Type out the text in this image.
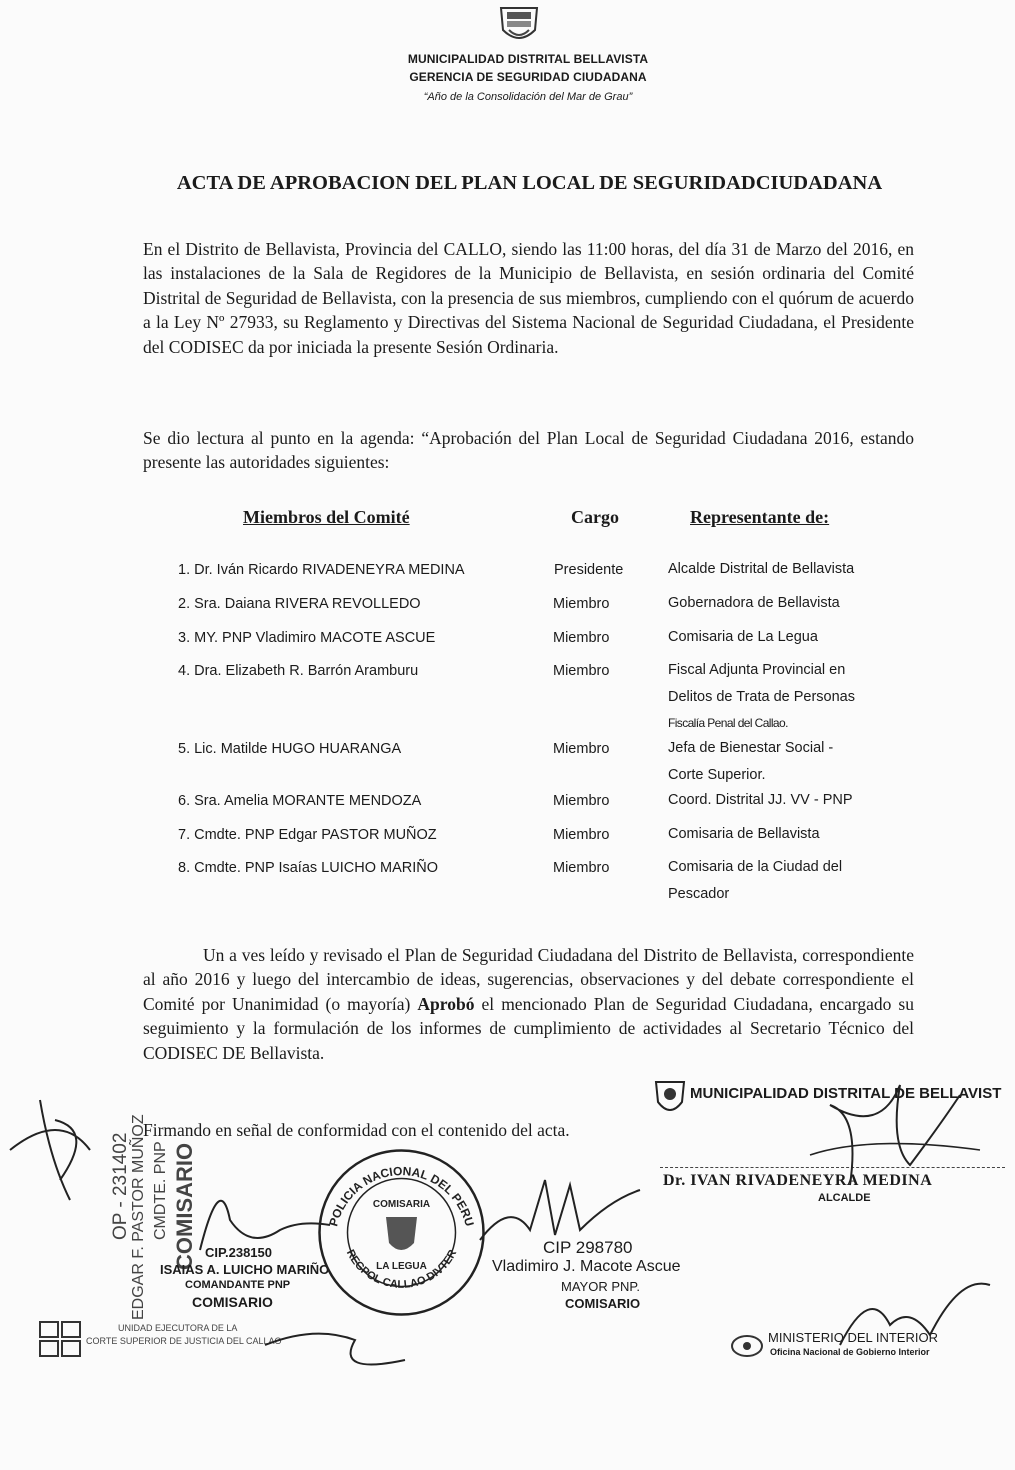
MUNICIPALIDAD DISTRITAL BELLAVISTA
GERENCIA DE SEGURIDAD CIUDADANA
“Año de la Consolidación del Mar de Grau”
ACTA DE APROBACION DEL PLAN LOCAL DE SEGURIDADCIUDADANA
En el Distrito de Bellavista, Provincia del CALLO, siendo las 11:00 horas, del día 31 de Marzo del 2016, en las instalaciones de la Sala de Regidores de la Municipio de Bellavista, en sesión ordinaria del Comité Distrital de Seguridad de Bellavista, con la presencia de sus miembros, cumpliendo con el quórum de acuerdo a la Ley Nº 27933, su Reglamento y Directivas del Sistema Nacional de Seguridad Ciudadana, el Presidente del CODISEC da por iniciada la presente Sesión Ordinaria.
Se dio lectura al punto en la agenda: “Aprobación del Plan Local de Seguridad Ciudadana 2016, estando presente las autoridades siguientes:
Miembros del Comité	Cargo	Representante de:
1. Dr. Iván Ricardo RIVADENEYRA MEDINA	Presidente	Alcalde Distrital de Bellavista
2. Sra. Daiana RIVERA REVOLLEDO	Miembro	Gobernadora de Bellavista
3. MY. PNP Vladimiro MACOTE ASCUE	Miembro	Comisaria de La Legua
4. Dra. Elizabeth R. Barrón Aramburu	Miembro	Fiscal Adjunta Provincial en
Delitos de Trata de Personas
Fiscalía Penal del Callao.
5. Lic. Matilde HUGO HUARANGA	Miembro	Jefa de Bienestar Social -
Corte Superior.
6. Sra. Amelia MORANTE MENDOZA	Miembro	Coord. Distrital JJ. VV - PNP
7. Cmdte. PNP Edgar PASTOR MUÑOZ	Miembro	Comisaria de Bellavista
8. Cmdte. PNP Isaías LUICHO MARIÑO	Miembro	Comisaria de la Ciudad del
Pescador
Un a ves leído y revisado el Plan de Seguridad Ciudadana del Distrito de Bellavista, correspondiente al año 2016 y luego del intercambio de ideas, sugerencias, observaciones y del debate correspondiente el Comité por Unanimidad (o mayoría) Aprobó el mencionado Plan de Seguridad Ciudadana, encargado su seguimiento y la formulación de los informes de cumplimiento de actividades al Secretario Técnico del CODISEC DE Bellavista.
Firmando en señal de conformidad con el contenido del acta.
MUNICIPALIDAD DISTRITAL DE BELLAVIST
Dr. IVAN RIVADENEYRA MEDINA
ALCALDE
OP - 231402 EDGAR F. PASTOR MUÑOZ CMDTE. PNP COMISARIO CIP.238150
ISAIAS A. LUICHO MARIÑO
COMANDANTE PNP
COMISARIO
POLICIA NACIONAL DEL PERU
COMISARIA
LA LEGUA
REGPOL CALLAO DIVTER	CIP 298780
Vladimiro J. Macote Ascue
MAYOR PNP.
COMISARIO
UNIDAD EJECUTORA DE LA
CORTE SUPERIOR DE JUSTICIA DEL CALLAO	MINISTERIO DEL INTERIOR
Oficina Nacional de Gobierno Interior
